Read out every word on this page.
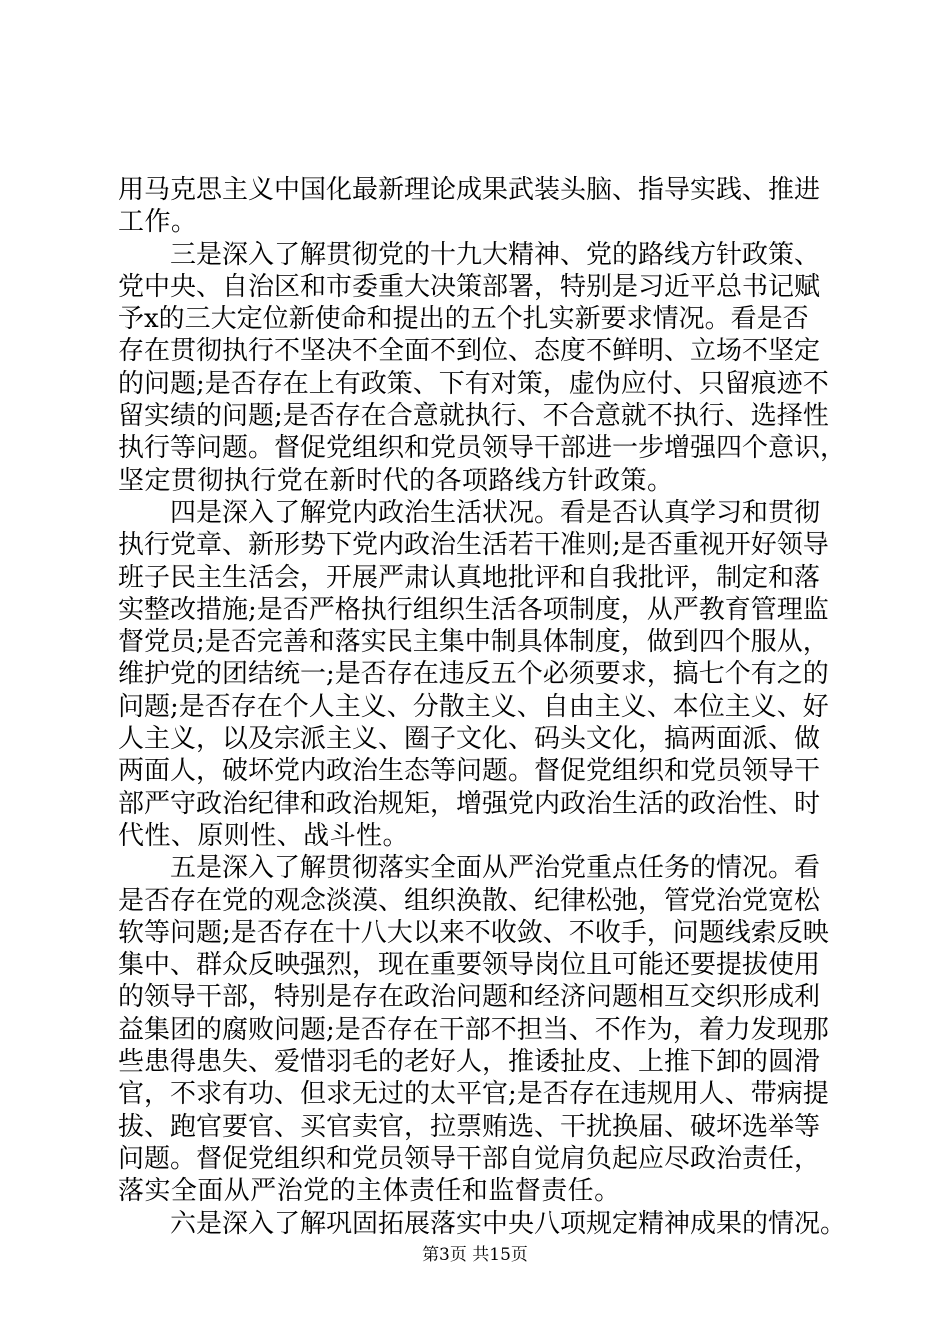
用马克思主义中国化最新理论成果武装头脑、指导实践、推进
工作。
　　三是深入了解贯彻党的十九大精神、党的路线方针政策、
党中央、自治区和市委重大决策部署，特别是习近平总书记赋
予x的三大定位新使命和提出的五个扎实新要求情况。看是否
存在贯彻执行不坚决不全面不到位、态度不鲜明、立场不坚定
的问题;是否存在上有政策、下有对策，虚伪应付、只留痕迹不
留实绩的问题;是否存在合意就执行、不合意就不执行、选择性
执行等问题。督促党组织和党员领导干部进一步增强四个意识，
坚定贯彻执行党在新时代的各项路线方针政策。
　　四是深入了解党内政治生活状况。看是否认真学习和贯彻
执行党章、新形势下党内政治生活若干准则;是否重视开好领导
班子民主生活会，开展严肃认真地批评和自我批评，制定和落
实整改措施;是否严格执行组织生活各项制度，从严教育管理监
督党员;是否完善和落实民主集中制具体制度，做到四个服从，
维护党的团结统一;是否存在违反五个必须要求，搞七个有之的
问题;是否存在个人主义、分散主义、自由主义、本位主义、好
人主义，以及宗派主义、圈子文化、码头文化，搞两面派、做
两面人，破坏党内政治生态等问题。督促党组织和党员领导干
部严守政治纪律和政治规矩，增强党内政治生活的政治性、时
代性、原则性、战斗性。
　　五是深入了解贯彻落实全面从严治党重点任务的情况。看
是否存在党的观念淡漠、组织涣散、纪律松弛，管党治党宽松
软等问题;是否存在十八大以来不收敛、不收手，问题线索反映
集中、群众反映强烈，现在重要领导岗位且可能还要提拔使用
的领导干部，特别是存在政治问题和经济问题相互交织形成利
益集团的腐败问题;是否存在干部不担当、不作为，着力发现那
些患得患失、爱惜羽毛的老好人，推诿扯皮、上推下卸的圆滑
官，不求有功、但求无过的太平官;是否存在违规用人、带病提
拔、跑官要官、买官卖官，拉票贿选、干扰换届、破坏选举等
问题。督促党组织和党员领导干部自觉肩负起应尽政治责任，
落实全面从严治党的主体责任和监督责任。
　　六是深入了解巩固拓展落实中央八项规定精神成果的情况。
第3页 共15页
